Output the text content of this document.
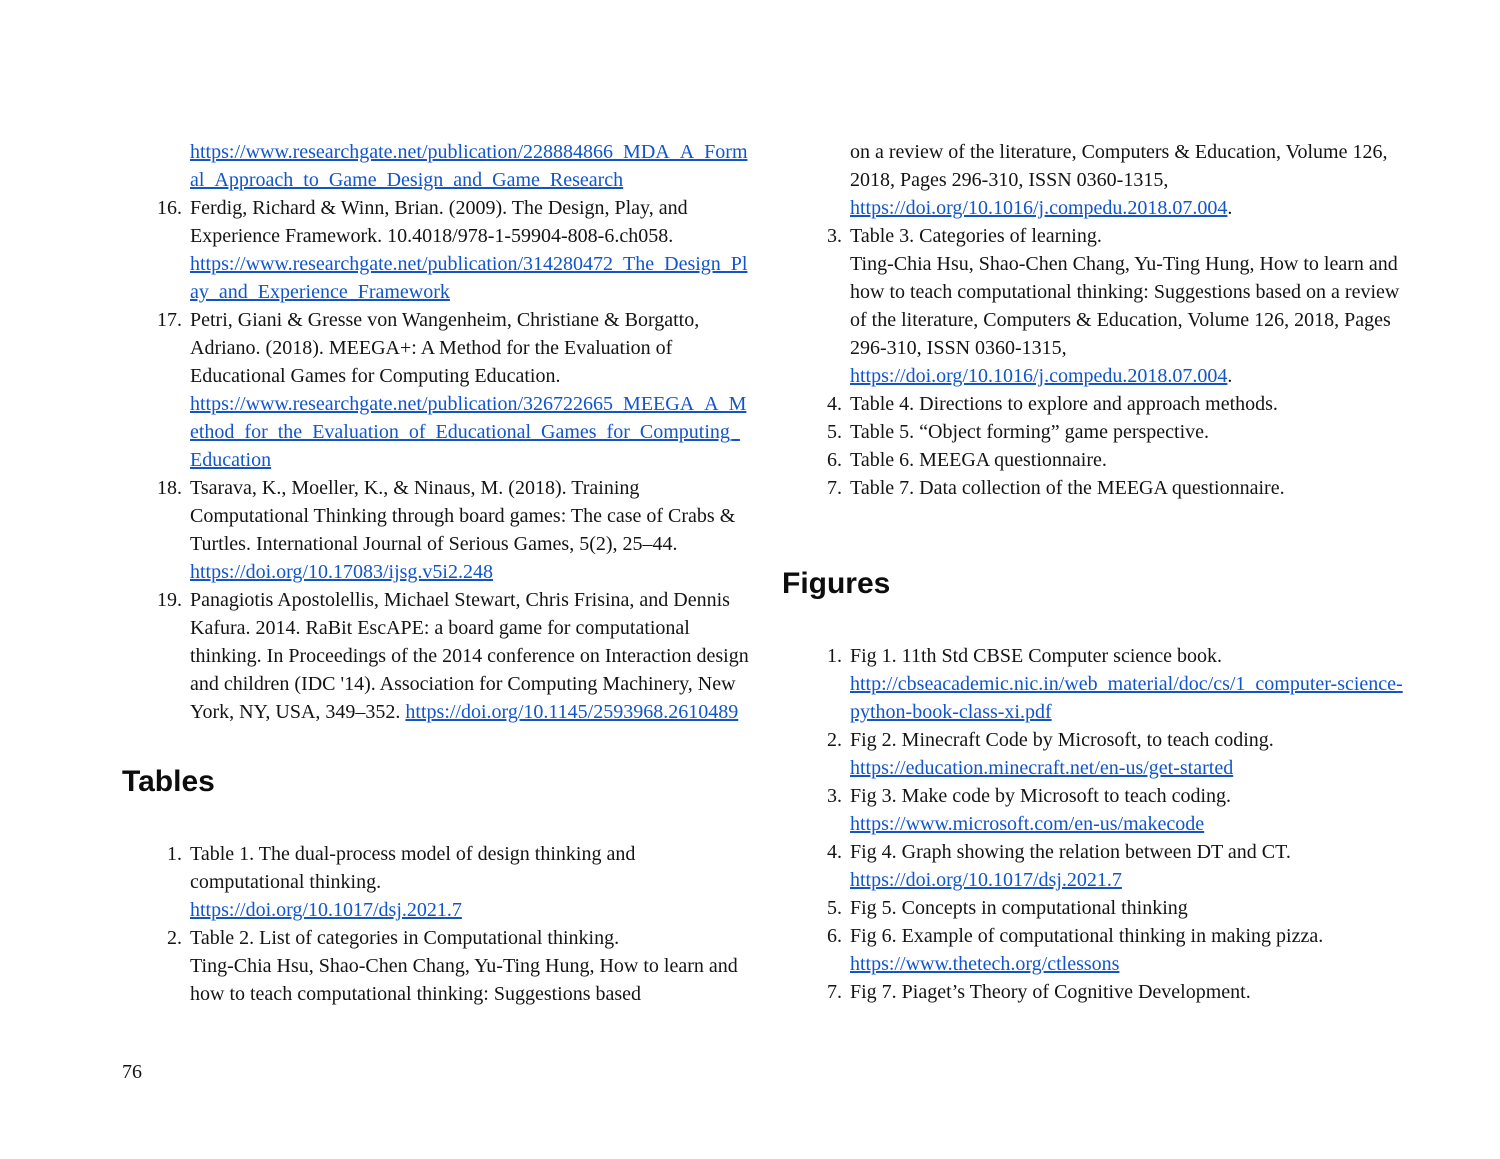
https://www.researchgate.net/publication/228884866_MDA_A_Formal_Approach_to_Game_Design_and_Game_Research
16. Ferdig, Richard & Winn, Brian. (2009). The Design, Play, and Experience Framework. 10.4018/978-1-59904-808-6.ch058. https://www.researchgate.net/publication/314280472_The_Design_Play_and_Experience_Framework
17. Petri, Giani & Gresse von Wangenheim, Christiane & Borgatto, Adriano. (2018). MEEGA+: A Method for the Evaluation of Educational Games for Computing Education. https://www.researchgate.net/publication/326722665_MEEGA_A_Method_for_the_Evaluation_of_Educational_Games_for_Computing_Education
18. Tsarava, K., Moeller, K., & Ninaus, M. (2018). Training Computational Thinking through board games: The case of Crabs & Turtles. International Journal of Serious Games, 5(2), 25–44. https://doi.org/10.17083/ijsg.v5i2.248
19. Panagiotis Apostolellis, Michael Stewart, Chris Frisina, and Dennis Kafura. 2014. RaBit EscAPE: a board game for computational thinking. In Proceedings of the 2014 conference on Interaction design and children (IDC '14). Association for Computing Machinery, New York, NY, USA, 349–352. https://doi.org/10.1145/2593968.2610489
Tables
1. Table 1. The dual-process model of design thinking and computational thinking.
https://doi.org/10.1017/dsj.2021.7
2. Table 2. List of categories in Computational thinking.
Ting-Chia Hsu, Shao-Chen Chang, Yu-Ting Hung, How to learn and how to teach computational thinking: Suggestions based
on a review of the literature, Computers & Education, Volume 126, 2018, Pages 296-310, ISSN 0360-1315, https://doi.org/10.1016/j.compedu.2018.07.004.
3. Table 3. Categories of learning.
Ting-Chia Hsu, Shao-Chen Chang, Yu-Ting Hung, How to learn and how to teach computational thinking: Suggestions based on a review of the literature, Computers & Education, Volume 126, 2018, Pages 296-310, ISSN 0360-1315, https://doi.org/10.1016/j.compedu.2018.07.004.
4. Table 4. Directions to explore and approach methods.
5. Table 5. “Object forming” game perspective.
6. Table 6. MEEGA questionnaire.
7. Table 7. Data collection of the MEEGA questionnaire.
Figures
1. Fig 1. 11th Std CBSE Computer science book. http://cbseacademic.nic.in/web_material/doc/cs/1_computer-science-python-book-class-xi.pdf
2. Fig 2. Minecraft Code by Microsoft, to teach coding. https://education.minecraft.net/en-us/get-started
3. Fig 3. Make code by Microsoft to teach coding. https://www.microsoft.com/en-us/makecode
4. Fig 4. Graph showing the relation between DT and CT. https://doi.org/10.1017/dsj.2021.7
5. Fig 5. Concepts in computational thinking
6. Fig 6. Example of computational thinking in making pizza. https://www.thetech.org/ctlessons
7. Fig 7. Piaget’s Theory of Cognitive Development.
76
